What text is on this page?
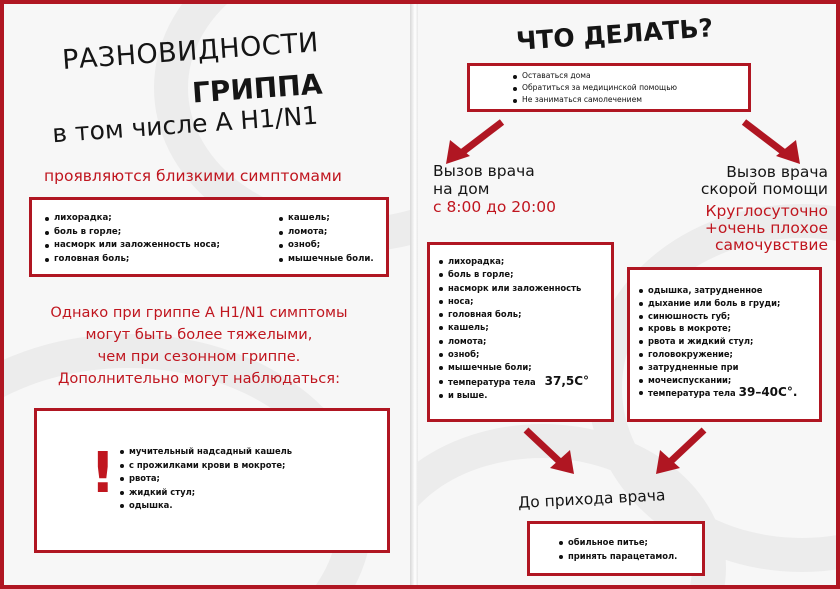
РАЗНОВИДНОСТИ
ГРИППА
в том числе А H1/N1
проявляются близкими симптомами
лихорадка;
боль в горле;
насморк или заложенность носа;
головная боль;
кашель;
ломота;
озноб;
мышечные боли.
Однако при гриппе А H1/N1 симптомы
могут быть более тяжелыми,
чем при сезонном гриппе.
Дополнительно могут наблюдаться:
!	мучительный надсадный кашель
с прожилками крови в мокроте;
рвота;
жидкий стул;
одышка.
ЧТО ДЕЛАТЬ?
Оставаться дома
Обратиться за медицинской помощью
Не заниматься самолечением
Вызов врача
на дом
с 8:00 до 20:00
Вызов врача
скорой помощи
Круглосуточно
+очень плохое
самочувствие
лихорадка;
боль в горле;
насморк или заложенность
носа;
головная боль;
кашель;
ломота;
озноб;
мышечные боли;
температура тела 37,5С°
и выше.
одышка, затрудненное
дыхание или боль в груди;
синюшность губ;
кровь в мокроте;
рвота и жидкий стул;
головокружение;
затрудненные при
мочеиспускании;
температура тела 39–40С°.
До прихода врача
обильное питье;
принять парацетамол.
